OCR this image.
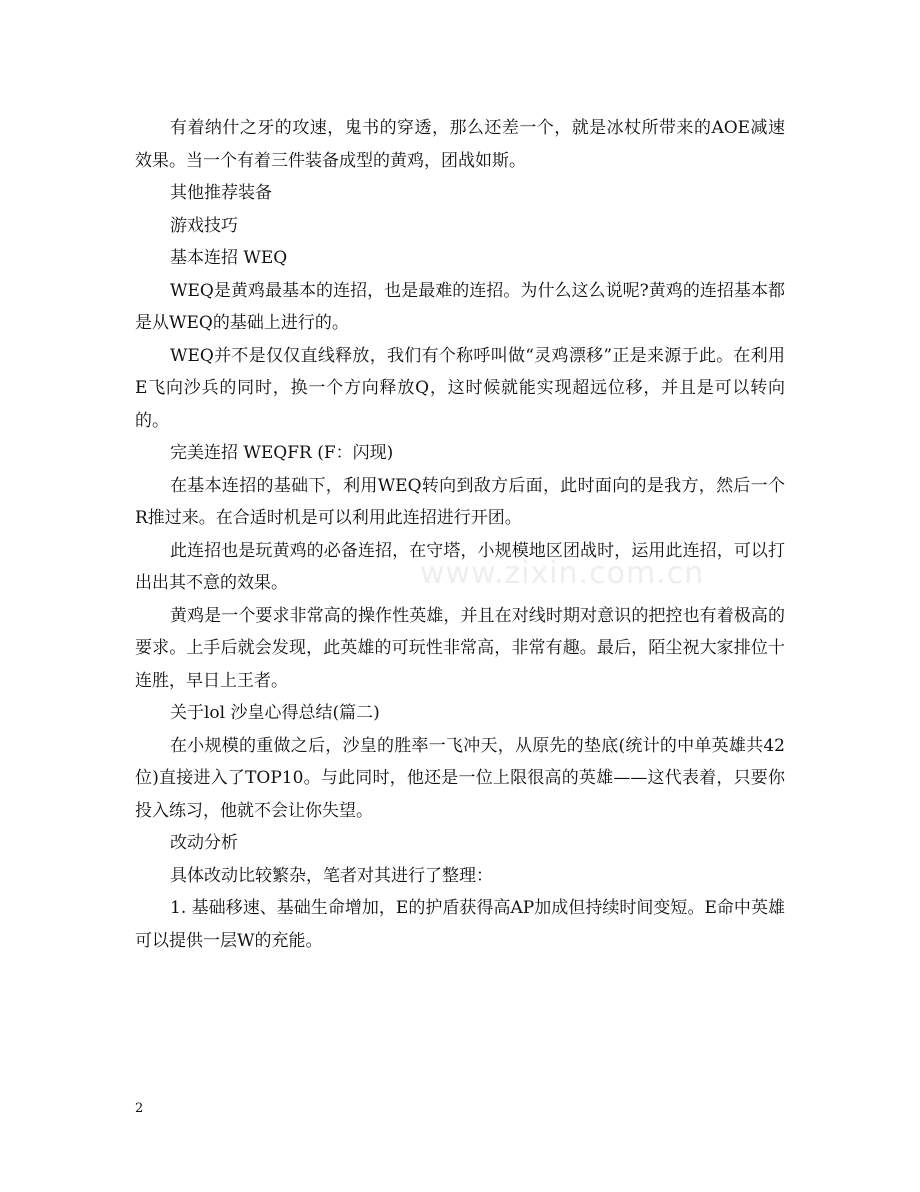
有着纳什之牙的攻速，鬼书的穿透，那么还差一个，就是冰杖所带来的AOE减速效果。当一个有着三件装备成型的黄鸡，团战如斯。

其他推荐装备

游戏技巧

基本连招 WEQ

WEQ是黄鸡最基本的连招，也是最难的连招。为什么这么说呢?黄鸡的连招基本都是从WEQ的基础上进行的。

WEQ并不是仅仅直线释放，我们有个称呼叫做“灵鸡漂移”正是来源于此。在利用E飞向沙兵的同时，换一个方向释放Q，这时候就能实现超远位移，并且是可以转向的。

完美连招 WEQFR (F：闪现)

在基本连招的基础下，利用WEQ转向到敌方后面，此时面向的是我方，然后一个R推过来。在合适时机是可以利用此连招进行开团。

此连招也是玩黄鸡的必备连招，在守塔，小规模地区团战时，运用此连招，可以打出出其不意的效果。

黄鸡是一个要求非常高的操作性英雄，并且在对线时期对意识的把控也有着极高的要求。上手后就会发现，此英雄的可玩性非常高，非常有趣。最后，陌尘祝大家排位十连胜，早日上王者。

关于lol 沙皇心得总结(篇二)

在小规模的重做之后，沙皇的胜率一飞冲天，从原先的垫底(统计的中单英雄共42位)直接进入了TOP10。与此同时，他还是一位上限很高的英雄——这代表着，只要你投入练习，他就不会让你失望。

改动分析

具体改动比较繁杂，笔者对其进行了整理：

1. 基础移速、基础生命增加，E的护盾获得高AP加成但持续时间变短。E命中英雄可以提供一层W的充能。

www.zixin.com.cn
2
